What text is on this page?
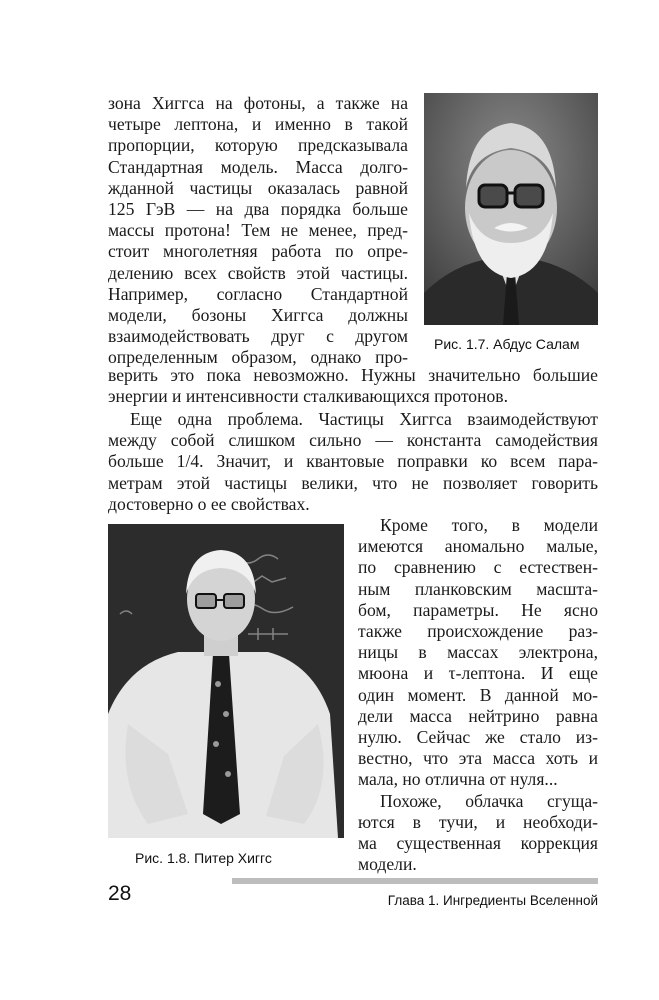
зона Хиггса на фотоны, а также на
четыре лептона, и именно в такой
пропорции, которую предсказывала
Стандартная модель. Масса долго-
жданной частицы оказалась равной
125 ГэВ — на два порядка больше
массы протона! Тем не менее, пред-
стоит многолетняя работа по опре-
делению всех свойств этой частицы.
Например, согласно Стандартной
модели, бозоны Хиггса должны
взаимодействовать друг с другом
определенным образом, однако про-
Рис. 1.7. Абдус Салам
верить это пока невозможно. Нужны значительно большие
энергии и интенсивности сталкивающихся протонов.
Еще одна проблема. Частицы Хиггса взаимодействуют
между собой слишком сильно — константа самодействия
больше 1/4. Значит, и квантовые поправки ко всем пара-
метрам этой частицы велики, что не позволяет говорить
достоверно о ее свойствах.
Рис. 1.8. Питер Хиггс
Кроме того, в модели
имеются аномально малые,
по сравнению с естествен-
ным планковским масшта-
бом, параметры. Не ясно
также происхождение раз-
ницы в массах электрона,
мюона и τ-лептона. И еще
один момент. В данной мо-
дели масса нейтрино равна
нулю. Сейчас же стало из-
вестно, что эта масса хоть и
мала, но отлична от нуля...
Похоже, облачка сгуща-
ются в тучи, и необходи-
ма существенная коррекция
модели.
28	Глава 1. Ингредиенты Вселенной
